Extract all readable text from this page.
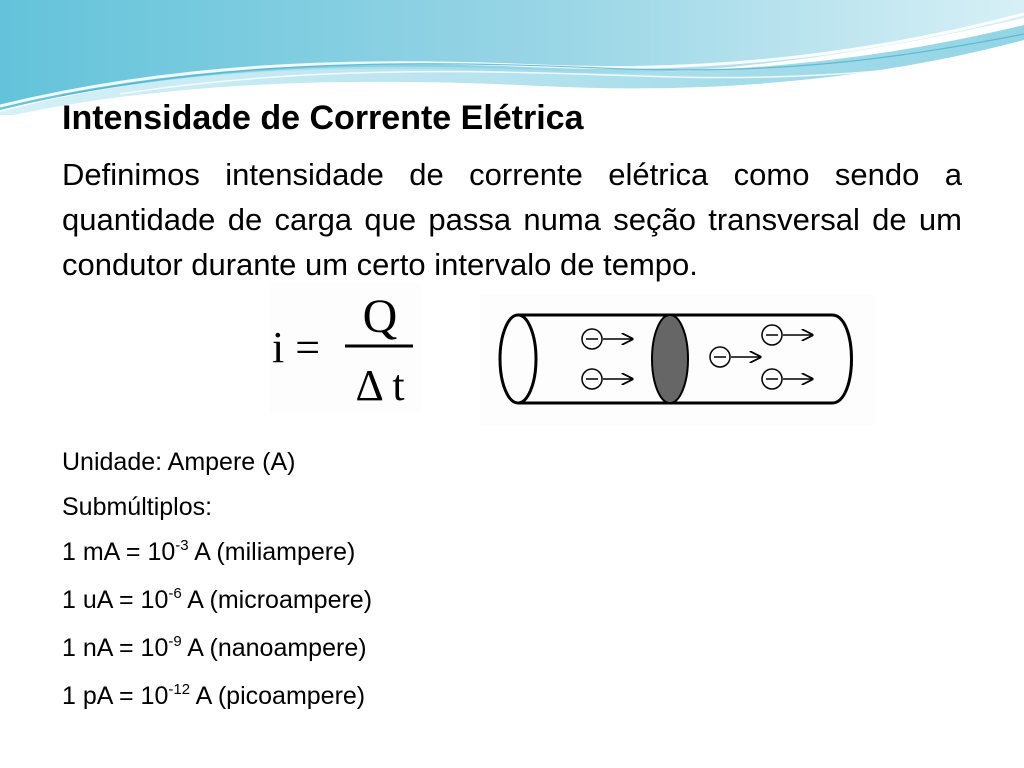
Intensidade de Corrente Elétrica
Definimos intensidade de corrente elétrica como sendo a quantidade de carga que passa numa seção transversal de um condutor durante um certo intervalo de tempo.
i =
Q
Δ t
Unidade: Ampere (A)
Submúltiplos:
1 mA = $10^{-3}$ A (miliampere)
1 uA = $10^{-6}$ A (microampere)
1 nA = $10^{-9}$ A (nanoampere)
1 pA = $10^{-12}$ A (picoampere)
